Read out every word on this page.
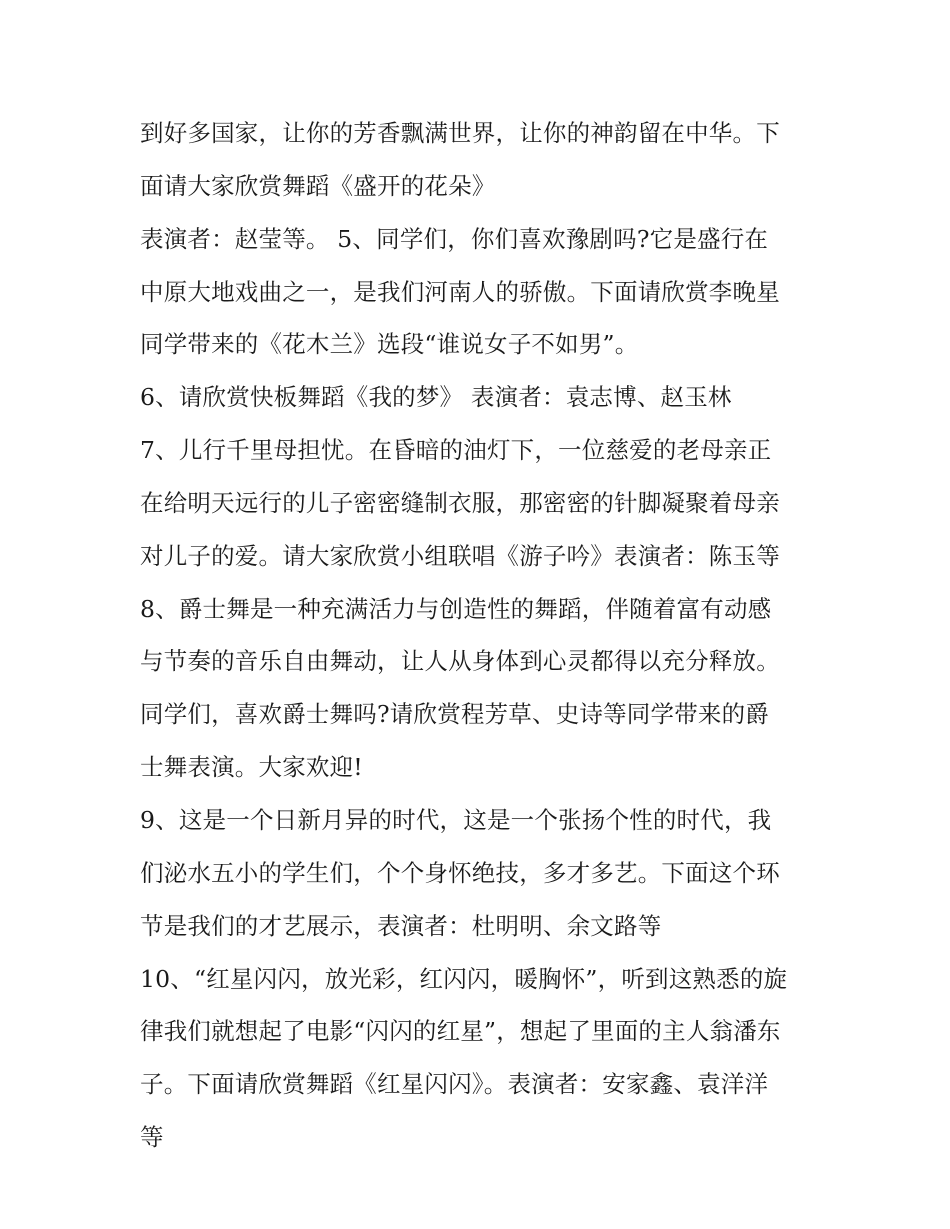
到好多国家，让你的芳香飘满世界，让你的神韵留在中华。下
面请大家欣赏舞蹈《盛开的花朵》
表演者：赵莹等。 5、同学们，你们喜欢豫剧吗?它是盛行在
中原大地戏曲之一，是我们河南人的骄傲。下面请欣赏李晚星
同学带来的《花木兰》选段“谁说女子不如男”。
6、请欣赏快板舞蹈《我的梦》 表演者：袁志博、赵玉林
7、儿行千里母担忧。在昏暗的油灯下，一位慈爱的老母亲正
在给明天远行的儿子密密缝制衣服，那密密的针脚凝聚着母亲
对儿子的爱。请大家欣赏小组联唱《游子吟》表演者：陈玉等
8、爵士舞是一种充满活力与创造性的舞蹈，伴随着富有动感
与节奏的音乐自由舞动，让人从身体到心灵都得以充分释放。
同学们，喜欢爵士舞吗?请欣赏程芳草、史诗等同学带来的爵
士舞表演。大家欢迎!
9、这是一个日新月异的时代，这是一个张扬个性的时代，我
们泌水五小的学生们，个个身怀绝技，多才多艺。下面这个环
节是我们的才艺展示，表演者：杜明明、余文路等
10、“红星闪闪，放光彩，红闪闪，暖胸怀”，听到这熟悉的旋
律我们就想起了电影“闪闪的红星”，想起了里面的主人翁潘东
子。下面请欣赏舞蹈《红星闪闪》。表演者：安家鑫、袁洋洋
等
